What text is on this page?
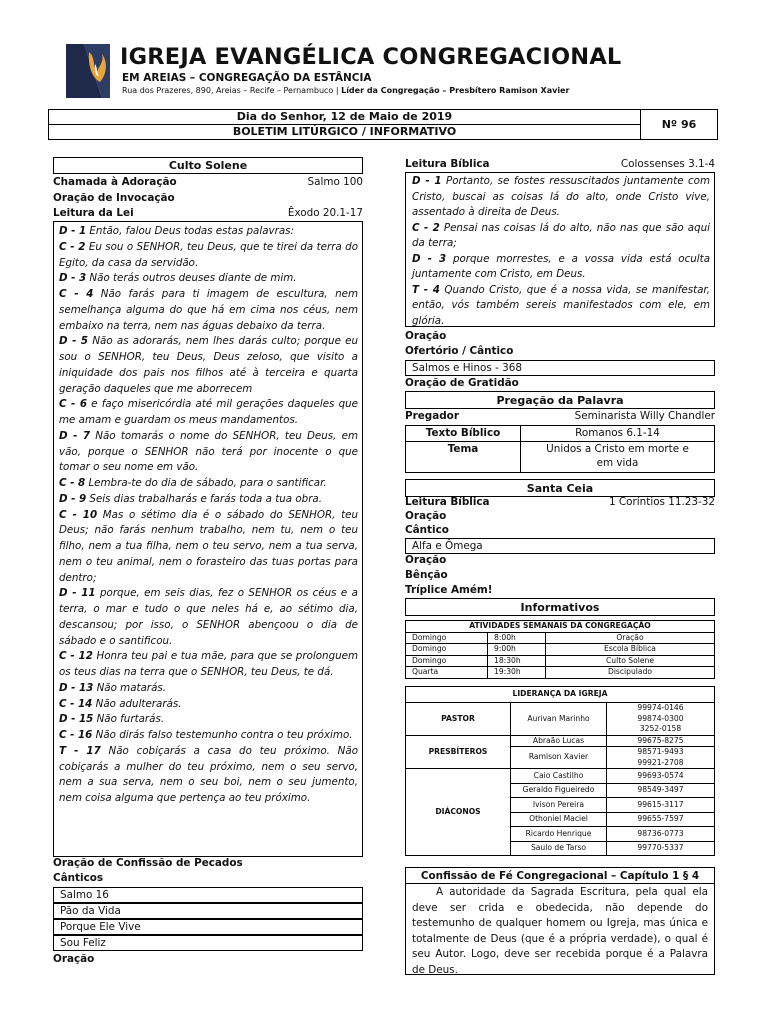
IGREJA EVANGÉLICA CONGREGACIONAL
EM AREIAS – CONGREGAÇÃO DA ESTÂNCIA
Rua dos Prazeres, 890, Areias – Recife – Pernambuco | Líder da Congregação – Presbítero Ramison Xavier
Dia do Senhor, 12 de Maio de 2019
BOLETIM LITÚRGICO / INFORMATIVO
Nº 96
Culto Solene
Chamada à Adoração	Salmo 100
Oração de Invocação
Leitura da Lei	Êxodo 20.1-17

D - 1 Então, falou Deus todas estas palavras:

C - 2 Eu sou o SENHOR, teu Deus, que te tirei da terra do Egito, da casa da servidão.

D - 3 Não terás outros deuses diante de mim.

C - 4 Não farás para ti imagem de escultura, nem semelhança alguma do que há em cima nos céus, nem embaixo na terra, nem nas águas debaixo da terra.

D - 5 Não as adorarás, nem lhes darás culto; porque eu sou o SENHOR, teu Deus, Deus zeloso, que visito a iniquidade dos pais nos filhos até à terceira e quarta geração daqueles que me aborrecem

C - 6 e faço misericórdia até mil gerações daqueles que me amam e guardam os meus mandamentos.

D - 7 Não tomarás o nome do SENHOR, teu Deus, em vão, porque o SENHOR não terá por inocente o que tomar o seu nome em vão.

C - 8 Lembra-te do dia de sábado, para o santificar.

D - 9 Seis dias trabalharás e farás toda a tua obra.

C - 10 Mas o sétimo dia é o sábado do SENHOR, teu Deus; não farás nenhum trabalho, nem tu, nem o teu filho, nem a tua filha, nem o teu servo, nem a tua serva, nem o teu animal, nem o forasteiro das tuas portas para dentro;

D - 11 porque, em seis dias, fez o SENHOR os céus e a terra, o mar e tudo o que neles há e, ao sétimo dia, descansou; por isso, o SENHOR abençoou o dia de sábado e o santificou.

C - 12 Honra teu pai e tua mãe, para que se prolonguem os teus dias na terra que o SENHOR, teu Deus, te dá.

D - 13 Não matarás.

C - 14 Não adulterarás.

D - 15 Não furtarás.

C - 16 Não dirás falso testemunho contra o teu próximo.

T - 17 Não cobiçarás a casa do teu próximo. Não cobiçarás a mulher do teu próximo, nem o seu servo, nem a sua serva, nem o seu boi, nem o seu jumento, nem coisa alguma que pertença ao teu próximo.

Oração de Confissão de Pecados
Cânticos
Salmo 16
Pão da Vida
Porque Ele Vive
Sou Feliz
Oração
Leitura Bíblica	Colossenses 3.1-4

D - 1 Portanto, se fostes ressuscitados juntamente com Cristo, buscai as coisas lá do alto, onde Cristo vive, assentado à direita de Deus.

C - 2 Pensai nas coisas lá do alto, não nas que são aqui da terra;

D - 3 porque morrestes, e a vossa vida está oculta juntamente com Cristo, em Deus.

T - 4 Quando Cristo, que é a nossa vida, se manifestar, então, vós também sereis manifestados com ele, em glória.

Oração
Ofertório / Cântico
Salmos e Hinos - 368
Oração de Gratidão
Pregação da Palavra
Pregador	Seminarista Willy Chandler
Texto Bíblico	Romanos 6.1-14
Tema	Unidos a Cristo em morte e em vida
Santa Ceia
Leitura Bíblica	1 Coríntios 11.23-32
Oração
Cântico
Alfa e Ômega
Oração
Bênção
Tríplice Amém!
Informativos
ATIVIDADES SEMANAIS DA CONGREGAÇÃO		
Domingo	8:00h	Oração
Domingo	9:00h	Escola Bíblica
Domingo	18:30h	Culto Solene
Quarta	19:30h	Discipulado
LIDERANÇA DA IGREJA		
PASTOR	Aurivan Marinho	99974-0146
99874-0300
3252-0158

PRESBÍTEROS	Abraão Lucas	99675-8275

	Ramison Xavier	98571-9493
99921-2708

DIÁCONOS	Caio Castilho	99693-0574
	Geraldo Figueiredo	98549-3497
	Ivison Pereira	99615-3117
	Othoniel Maciel	99655-7597
	Ricardo Henrique	98736-0773
	Saulo de Tarso	99770-5337
Confissão de Fé Congregacional – Capítulo 1 § 4
A autoridade da Sagrada Escritura, pela qual ela deve ser crida e obedecida, não depende do testemunho de qualquer homem ou Igreja, mas única e totalmente de Deus (que é a própria verdade), o qual é seu Autor. Logo, deve ser recebida porque é a Palavra de Deus.
